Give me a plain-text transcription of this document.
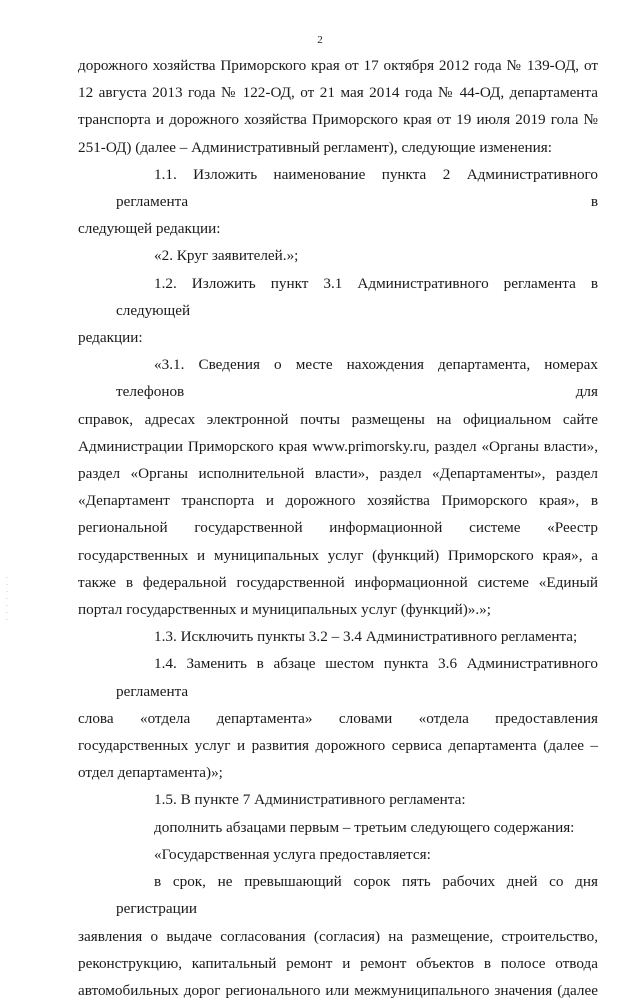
2
дорожного хозяйства Приморского края от 17 октября 2012 года № 139-ОД, от
12 августа 2013 года № 122-ОД, от 21 мая 2014 года № 44-ОД, департамента
транспорта и дорожного хозяйства Приморского края от 19 июля 2019 гола №
251-ОД) (далее – Административный регламент), следующие изменения:
1.1. Изложить наименование пункта 2 Административного регламента в
следующей редакции:
«2. Круг заявителей.»;
1.2. Изложить пункт 3.1 Административного регламента в следующей
редакции:
«3.1. Сведения о месте нахождения департамента, номерах телефонов для
справок, адресах электронной почты размещены на официальном сайте
Администрации Приморского края www.primorsky.ru, раздел «Органы власти»,
раздел «Органы исполнительной власти», раздел «Департаменты», раздел
«Департамент транспорта и дорожного хозяйства Приморского края», в
региональной государственной информационной системе «Реестр
государственных и муниципальных услуг (функций) Приморского края», а
также в федеральной государственной информационной системе «Единый
портал государственных и муниципальных услуг (функций)».»;
1.3. Исключить пункты 3.2 – 3.4 Административного регламента;
1.4. Заменить в абзаце шестом пункта 3.6 Административного регламента
слова «отдела департамента» словами «отдела предоставления
государственных услуг и развития дорожного сервиса департамента (далее –
отдел департамента)»;
1.5. В пункте 7 Административного регламента:
дополнить абзацами первым – третьим следующего содержания:
«Государственная услуга предоставляется:
в срок, не превышающий сорок пять рабочих дней со дня регистрации
заявления о выдаче согласования (согласия) на размещение, строительство,
реконструкцию, капитальный ремонт и ремонт объектов в полосе отвода
автомобильных дорог регионального или межмуниципального значения (далее
·
·
·
·
·
·
·
